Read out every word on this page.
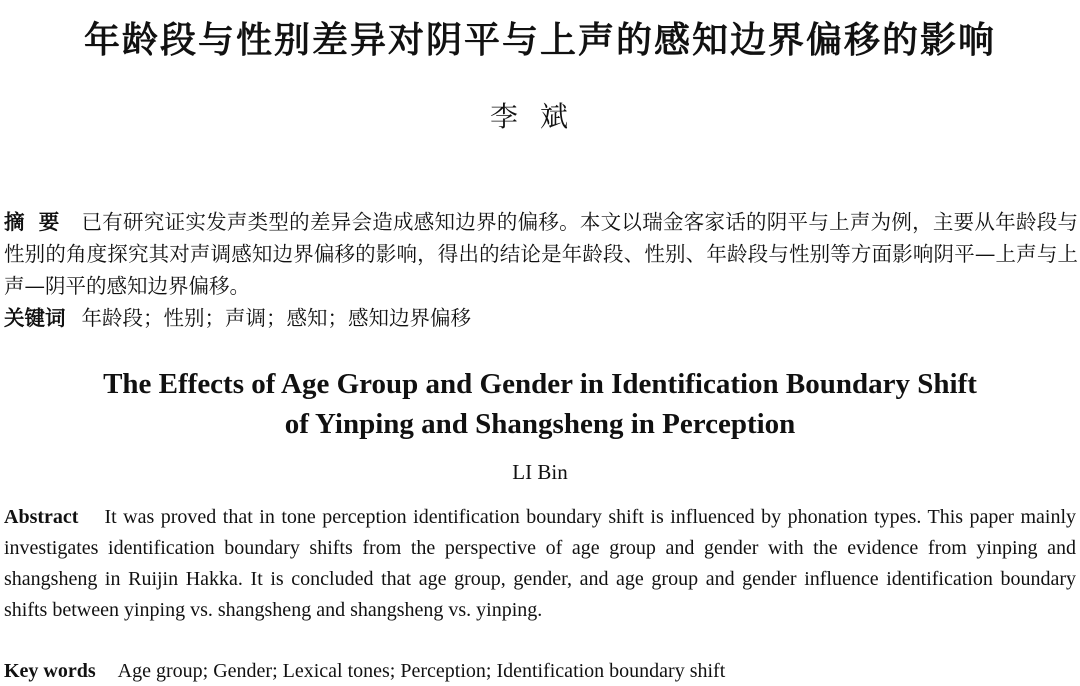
年龄段与性别差异对阴平与上声的感知边界偏移的影响
李斌
摘要 已有研究证实发声类型的差异会造成感知边界的偏移。本文以瑞金客家话的阴平与上声为例，主要从年龄段与性别的角度探究其对声调感知边界偏移的影响，得出的结论是年龄段、性别、年龄段与性别等方面影响阴平—上声与上声—阴平的感知边界偏移。
关键词 年龄段；性别；声调；感知；感知边界偏移
The Effects of Age Group and Gender in Identification Boundary Shift
of Yinping and Shangsheng in Perception
LI Bin
Abstract It was proved that in tone perception identification boundary shift is influenced by phonation types. This paper mainly investigates identification boundary shifts from the perspective of age group and gender with the evidence from yinping and shangsheng in Ruijin Hakka. It is concluded that age group, gender, and age group and gender influence identification boundary shifts between yinping vs. shangsheng and shangsheng vs. yinping.
Key words Age group; Gender; Lexical tones; Perception; Identification boundary shift
